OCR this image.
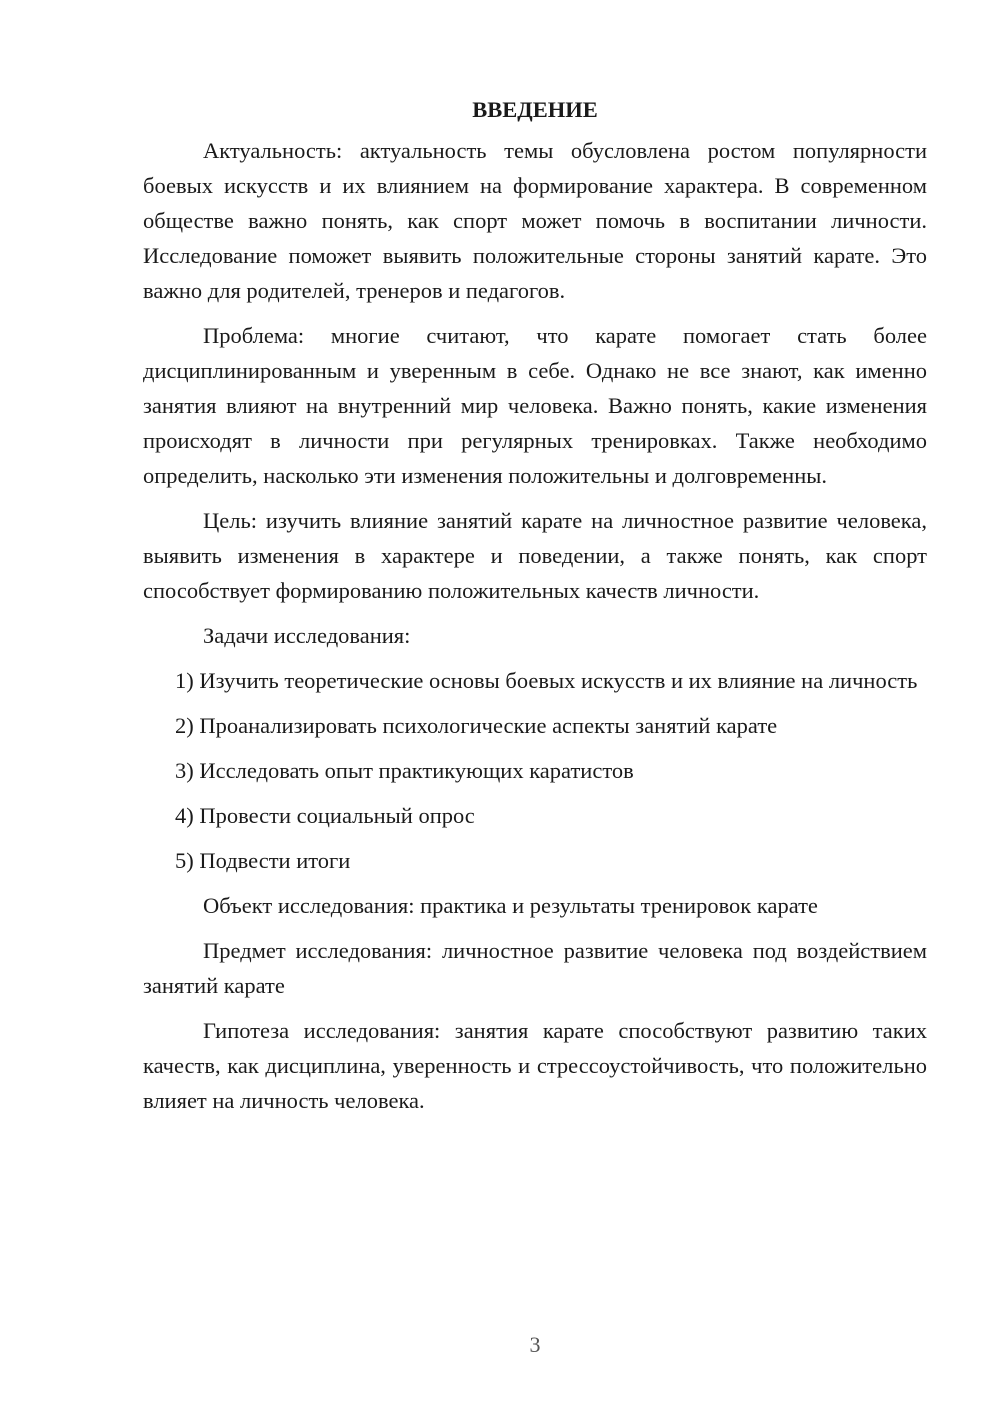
ВВЕДЕНИЕ

Актуальность: актуальность темы обусловлена ростом популярности боевых искусств и их влиянием на формирование характера. В современном обществе важно понять, как спорт может помочь в воспитании личности. Исследование поможет выявить положительные стороны занятий карате. Это важно для родителей, тренеров и педагогов.

Проблема: многие считают, что карате помогает стать более дисциплинированным и уверенным в себе. Однако не все знают, как именно занятия влияют на внутренний мир человека. Важно понять, какие изменения происходят в личности при регулярных тренировках. Также необходимо определить, насколько эти изменения положительны и долговременны.

Цель: изучить влияние занятий карате на личностное развитие человека, выявить изменения в характере и поведении, а также понять, как спорт способствует формированию положительных качеств личности.

Задачи исследования:

1) Изучить теоретические основы боевых искусств и их влияние на личность

2) Проанализировать психологические аспекты занятий карате

3) Исследовать опыт практикующих каратистов

4) Провести социальный опрос

5) Подвести итоги

Объект исследования: практика и результаты тренировок карате

Предмет исследования: личностное развитие человека под воздействием занятий карате

Гипотеза исследования: занятия карате способствуют развитию таких качеств, как дисциплина, уверенность и стрессоустойчивость, что положительно влияет на личность человека.

3
